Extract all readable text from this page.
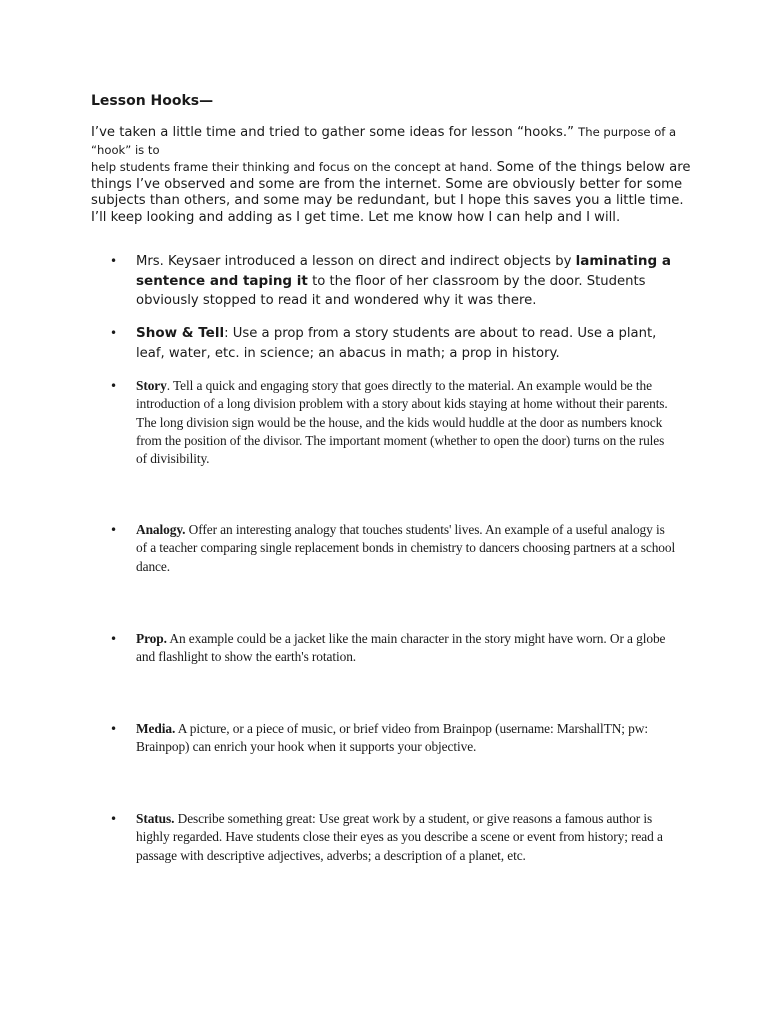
Lesson Hooks—
I’ve taken a little time and tried to gather some ideas for lesson “hooks.” The purpose of a “hook” is to
help students frame their thinking and focus on the concept at hand. Some of the things below are things I’ve observed and some are from the internet. Some are obviously better for some subjects than others, and some may be redundant, but I hope this saves you a little time. I’ll keep looking and adding as I get time. Let me know how I can help and I will.
• Mrs. Keysaer introduced a lesson on direct and indirect objects by laminating a sentence and taping it to the floor of her classroom by the door. Students obviously stopped to read it and wondered why it was there.
• Show & Tell: Use a prop from a story students are about to read. Use a plant, leaf, water, etc. in science; an abacus in math; a prop in history.
• Story. Tell a quick and engaging story that goes directly to the material. An example would be the introduction of a long division problem with a story about kids staying at home without their parents. The long division sign would be the house, and the kids would huddle at the door as numbers knock from the position of the divisor. The important moment (whether to open the door) turns on the rules of divisibility.
• Analogy. Offer an interesting analogy that touches students' lives. An example of a useful analogy is of a teacher comparing single replacement bonds in chemistry to dancers choosing partners at a school dance.
• Prop. An example could be a jacket like the main character in the story might have worn. Or a globe and flashlight to show the earth's rotation.
• Media. A picture, or a piece of music, or brief video from Brainpop (username: MarshallTN; pw: Brainpop) can enrich your hook when it supports your objective.
• Status. Describe something great: Use great work by a student, or give reasons a famous author is highly regarded. Have students close their eyes as you describe a scene or event from history; read a passage with descriptive adjectives, adverbs; a description of a planet, etc.
